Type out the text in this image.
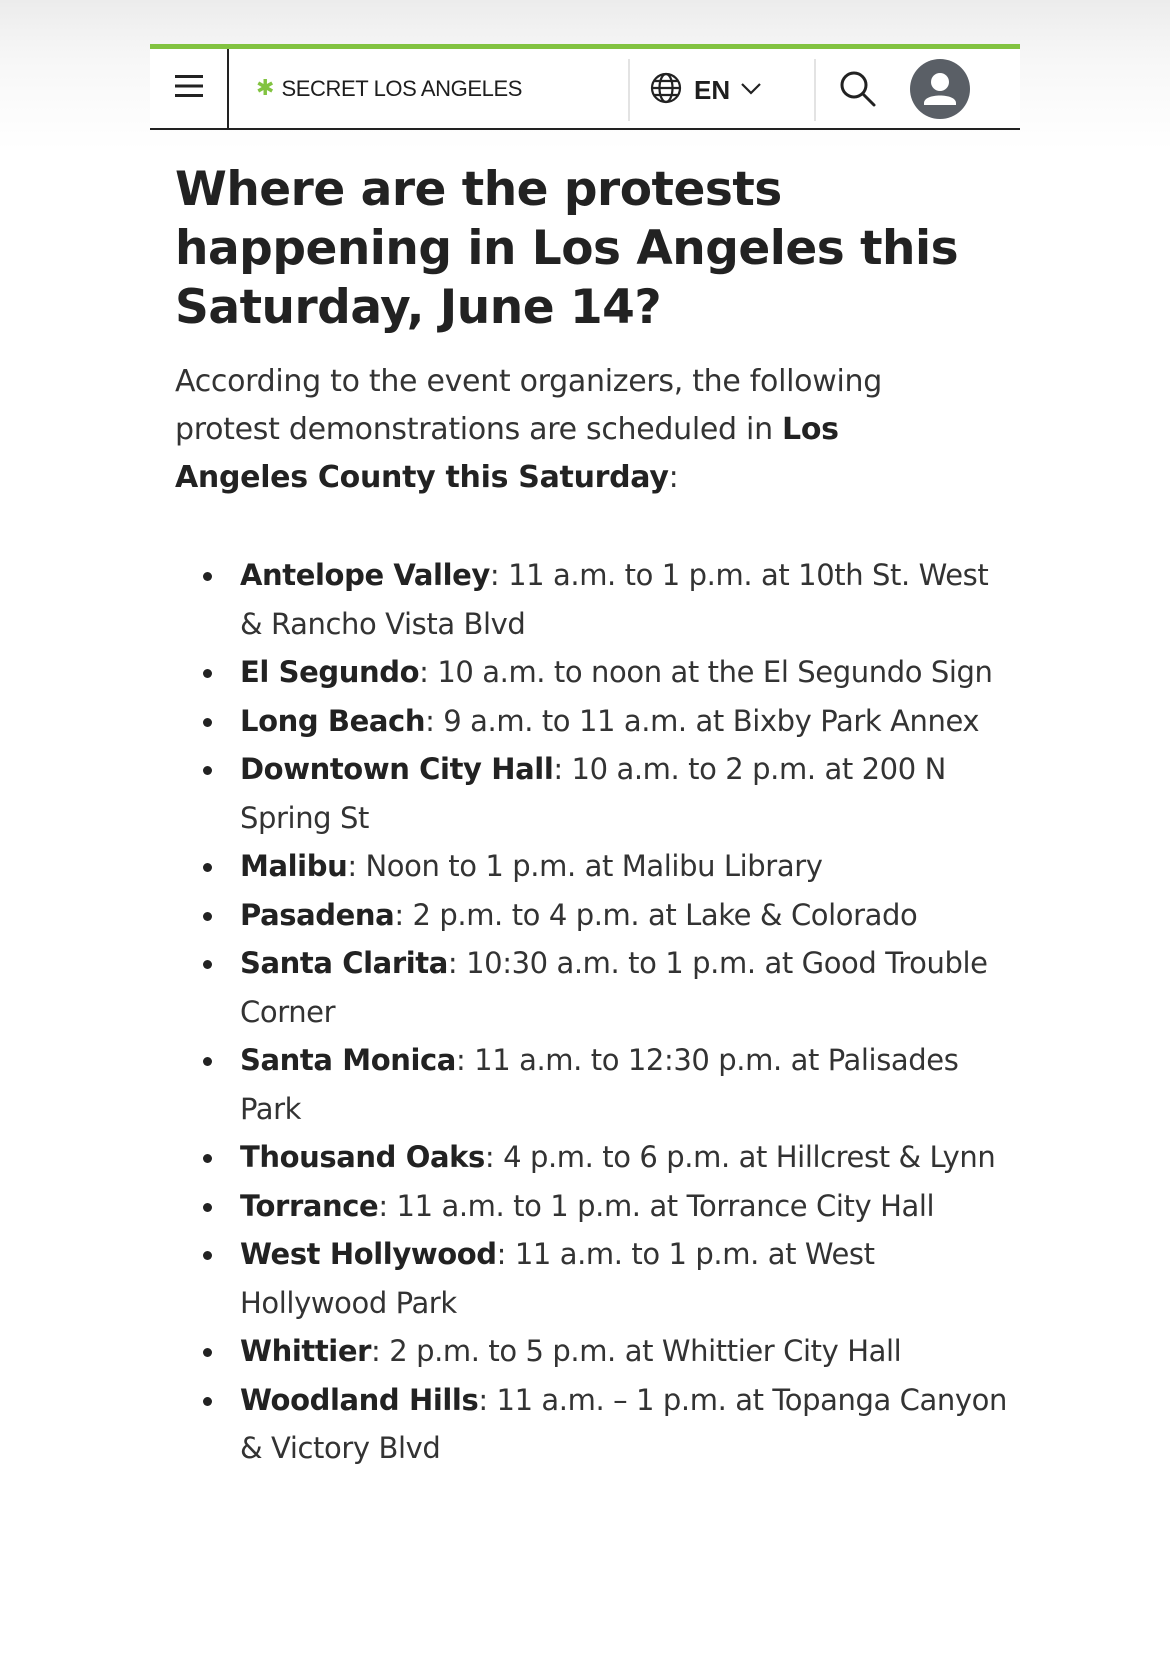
✱ SECRET LOS ANGELES	EN
Where are the protests happening in Los Angeles this Saturday, June 14?

According to the event organizers, the following protest demonstrations are scheduled in Los Angeles County this Saturday:

Antelope Valley: 11 a.m. to 1 p.m. at 10th St. West & Rancho Vista Blvd
El Segundo: 10 a.m. to noon at the El Segundo Sign
Long Beach: 9 a.m. to 11 a.m. at Bixby Park Annex
Downtown City Hall: 10 a.m. to 2 p.m. at 200 N Spring St
Malibu: Noon to 1 p.m. at Malibu Library
Pasadena: 2 p.m. to 4 p.m. at Lake & Colorado
Santa Clarita: 10:30 a.m. to 1 p.m. at Good Trouble Corner
Santa Monica: 11 a.m. to 12:30 p.m. at Palisades Park
Thousand Oaks: 4 p.m. to 6 p.m. at Hillcrest & Lynn
Torrance: 11 a.m. to 1 p.m. at Torrance City Hall
West Hollywood: 11 a.m. to 1 p.m. at West Hollywood Park
Whittier: 2 p.m. to 5 p.m. at Whittier City Hall
Woodland Hills: 11 a.m. – 1 p.m. at Topanga Canyon & Victory Blvd
